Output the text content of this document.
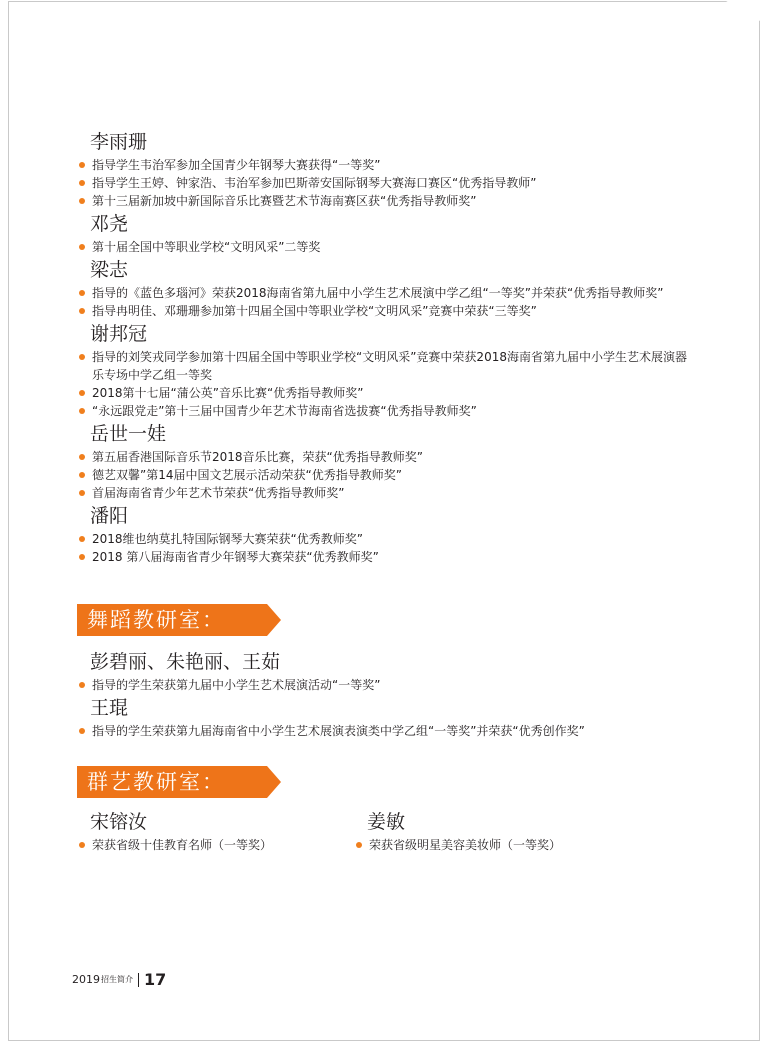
李雨珊
指导学生韦治军参加全国青少年钢琴大赛获得“一等奖”
指导学生王婷、钟家浩、韦治军参加巴斯蒂安国际钢琴大赛海口赛区“优秀指导教师”
第十三届新加坡中新国际音乐比赛暨艺术节海南赛区获“优秀指导教师奖”
邓尧
第十届全国中等职业学校“文明风采”二等奖
梁志
指导的《蓝色多瑙河》荣获2018海南省第九届中小学生艺术展演中学乙组“一等奖”并荣获“优秀指导教师奖”
指导冉明佳、邓珊珊参加第十四届全国中等职业学校“文明风采”竞赛中荣获“三等奖”
谢邦冠
指导的刘笑戎同学参加第十四届全国中等职业学校“文明风采”竞赛中荣获2018海南省第九届中小学生艺术展演器乐专场中学乙组一等奖
2018第十七届“蒲公英”音乐比赛“优秀指导教师奖”
“永远跟党走”第十三届中国青少年艺术节海南省选拔赛“优秀指导教师奖”
岳世一娃
第五届香港国际音乐节2018音乐比赛，荣获“优秀指导教师奖”
德艺双馨”第14届中国文艺展示活动荣获“优秀指导教师奖”
首届海南省青少年艺术节荣获“优秀指导教师奖”
潘阳
2018维也纳莫扎特国际钢琴大赛荣获“优秀教师奖”
2018 第八届海南省青少年钢琴大赛荣获“优秀教师奖”
舞蹈教研室：
彭碧丽、朱艳丽、王茹
指导的学生荣获第九届中小学生艺术展演活动“一等奖”
王琨
指导的学生荣获第九届海南省中小学生艺术展演表演类中学乙组“一等奖”并荣获“优秀创作奖”
群艺教研室：
宋镕汝
荣获省级十佳教育名师（一等奖）
姜敏
荣获省级明星美容美妆师（一等奖）
2019 招生简介 17
